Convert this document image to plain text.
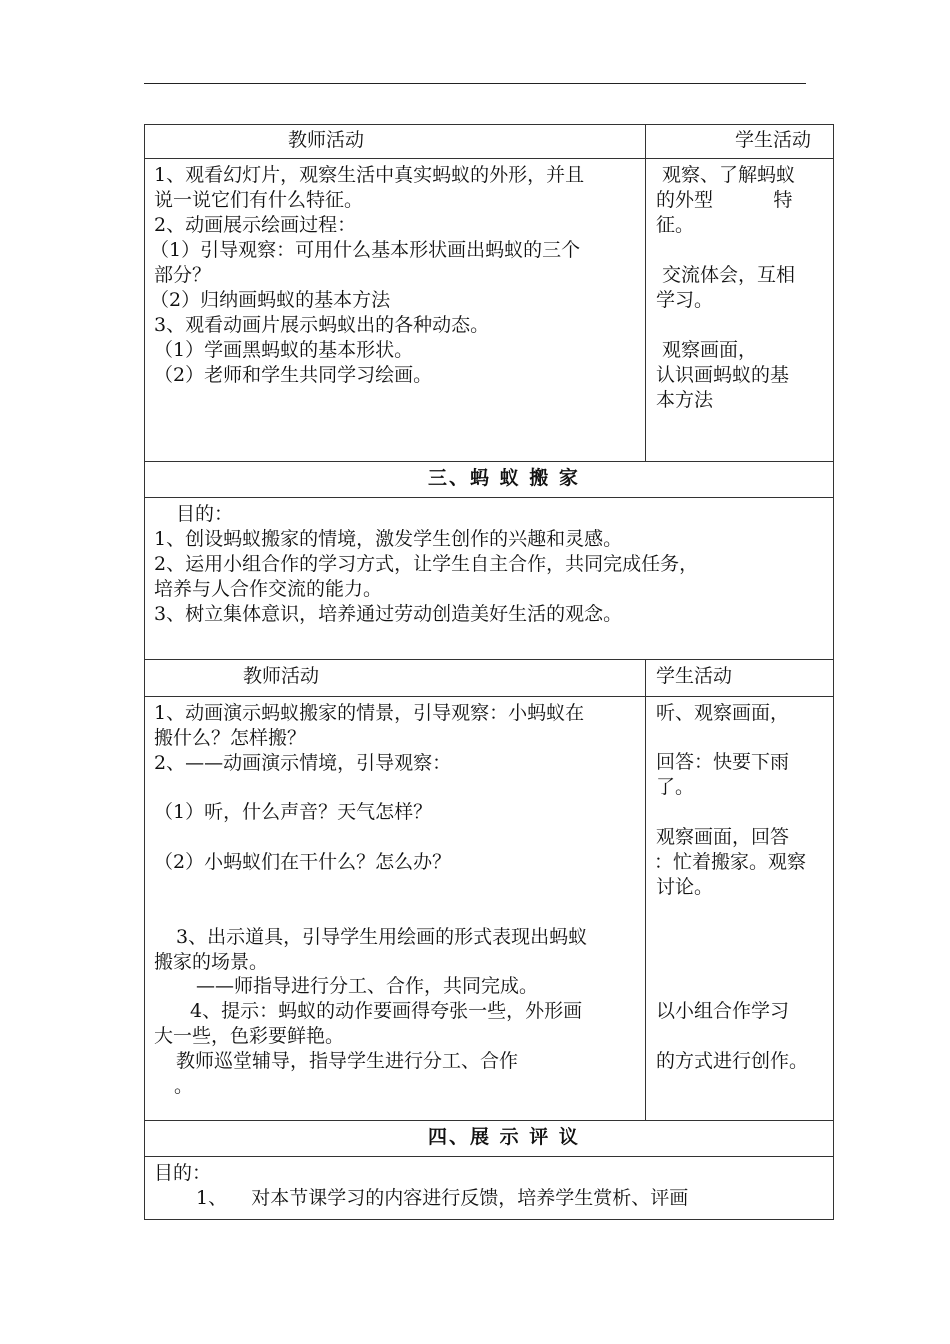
教师活动	学生活动
1、观看幻灯片，观察生活中真实蚂蚁的外形，并且
说一说它们有什么特征。
2、动画展示绘画过程：
（1）引导观察：可用什么基本形状画出蚂蚁的三个
部分？
（2）归纳画蚂蚁的基本方法
3、观看动画片展示蚂蚁出的各种动态。
（1）学画黑蚂蚁的基本形状。
（2）老师和学生共同学习绘画。
观察、了解蚂蚁
的外型          特
征。
交流体会，互相
学习。
观察画面，
认识画蚂蚁的基
本方法
三、蚂 蚁 搬 家
目的：
1、创设蚂蚁搬家的情境，激发学生创作的兴趣和灵感。
2、运用小组合作的学习方式，让学生自主合作，共同完成任务，
培养与人合作交流的能力。
3、树立集体意识，培养通过劳动创造美好生活的观念。
教师活动	学生活动
1、动画演示蚂蚁搬家的情景，引导观察：小蚂蚁在
搬什么？怎样搬？
2、——动画演示情境，引导观察：
（1）听，什么声音？天气怎样？
（2）小蚂蚁们在干什么？怎么办？
3、出示道具，引导学生用绘画的形式表现出蚂蚁
搬家的场景。
——师指导进行分工、合作，共同完成。
4、提示：蚂蚁的动作要画得夸张一些，外形画
大一些，色彩要鲜艳。
教师巡堂辅导，指导学生进行分工、合作
。
听、观察画面，
回答：快要下雨
了。
观察画面，回答
：忙着搬家。观察
讨论。
以小组合作学习
的方式进行创作。
四、展 示 评 议
目的：
1、    对本节课学习的内容进行反馈，培养学生赏析、评画
